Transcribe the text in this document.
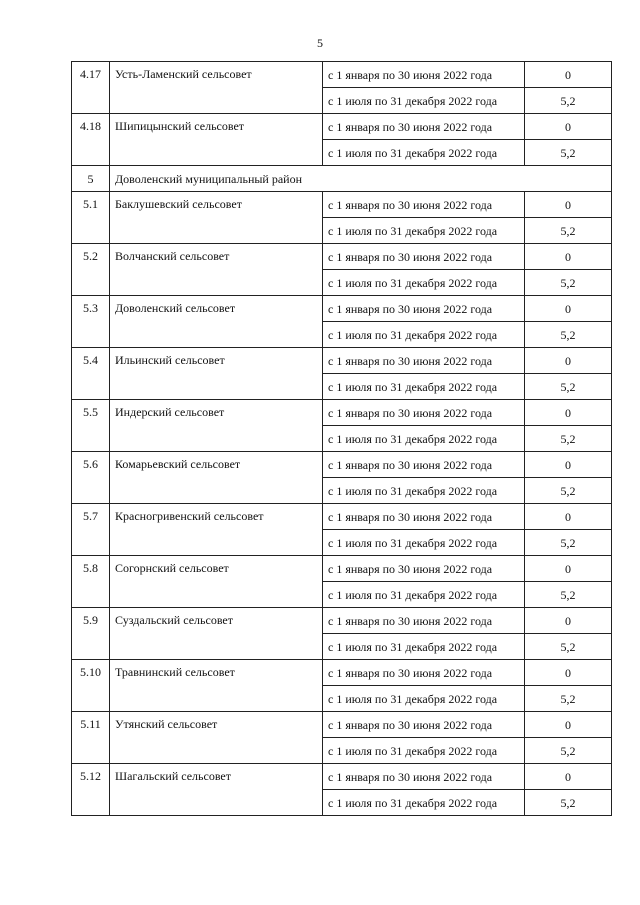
5
4.17	Усть-Ламенский сельсовет	с 1 января по 30 июня 2022 года	0
		с 1 июля по 31 декабря 2022 года	5,2
4.18	Шипицынский сельсовет	с 1 января по 30 июня 2022 года	0
		с 1 июля по 31 декабря 2022 года	5,2
5	Доволенский муниципальный район		
5.1	Баклушевский сельсовет	с 1 января по 30 июня 2022 года	0
		с 1 июля по 31 декабря 2022 года	5,2
5.2	Волчанский сельсовет	с 1 января по 30 июня 2022 года	0
		с 1 июля по 31 декабря 2022 года	5,2
5.3	Доволенский сельсовет	с 1 января по 30 июня 2022 года	0
		с 1 июля по 31 декабря 2022 года	5,2
5.4	Ильинский сельсовет	с 1 января по 30 июня 2022 года	0
		с 1 июля по 31 декабря 2022 года	5,2
5.5	Индерский сельсовет	с 1 января по 30 июня 2022 года	0
		с 1 июля по 31 декабря 2022 года	5,2
5.6	Комарьевский сельсовет	с 1 января по 30 июня 2022 года	0
		с 1 июля по 31 декабря 2022 года	5,2
5.7	Красногривенский сельсовет	с 1 января по 30 июня 2022 года	0
		с 1 июля по 31 декабря 2022 года	5,2
5.8	Согорнский сельсовет	с 1 января по 30 июня 2022 года	0
		с 1 июля по 31 декабря 2022 года	5,2
5.9	Суздальский сельсовет	с 1 января по 30 июня 2022 года	0
		с 1 июля по 31 декабря 2022 года	5,2
5.10	Травнинский сельсовет	с 1 января по 30 июня 2022 года	0
		с 1 июля по 31 декабря 2022 года	5,2
5.11	Утянский сельсовет	с 1 января по 30 июня 2022 года	0
		с 1 июля по 31 декабря 2022 года	5,2
5.12	Шагальский сельсовет	с 1 января по 30 июня 2022 года	0
		с 1 июля по 31 декабря 2022 года	5,2
